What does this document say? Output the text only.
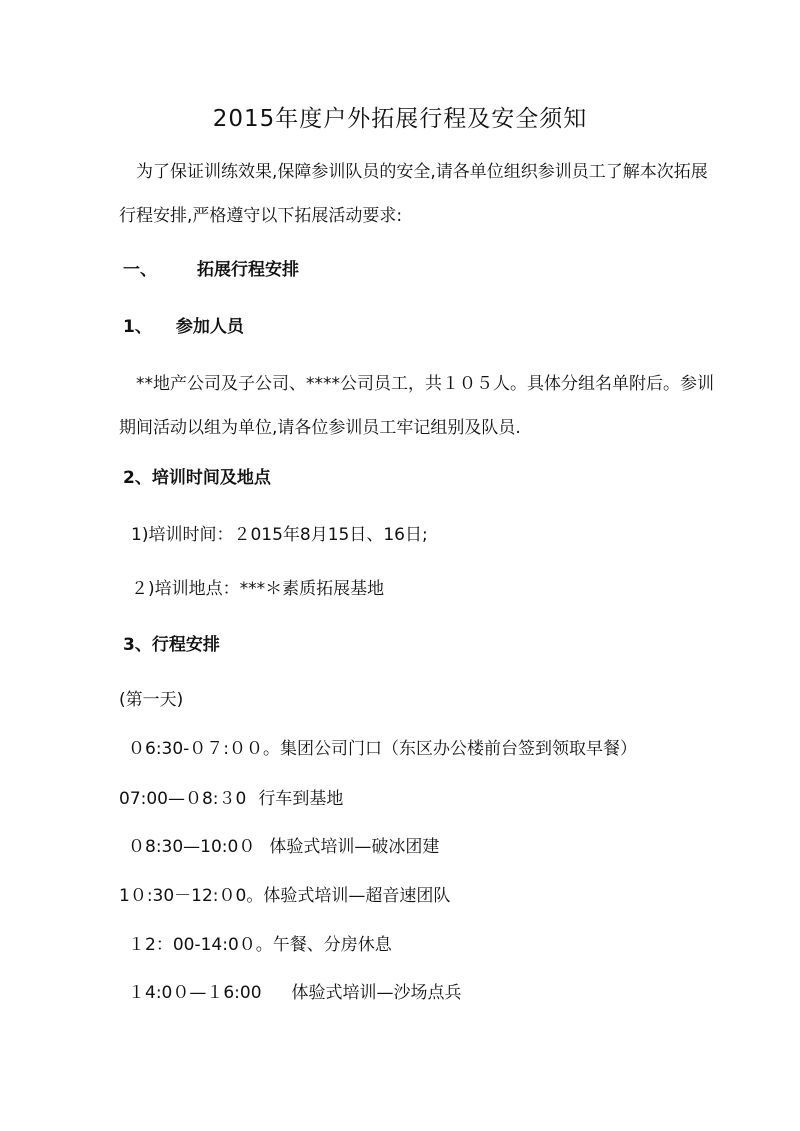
2015年度户外拓展行程及安全须知
为了保证训练效果,保障参训队员的安全,请各单位组织参训员工了解本次拓展行程安排,严格遵守以下拓展活动要求:
一、 拓展行程安排
1、 参加人员
**地产公司及子公司、****公司员工，共１０５人。具体分组名单附后。参训期间活动以组为单位,请各位参训员工牢记组别及队员.
2、培训时间及地点
1)培训时间：２015年8月15日、16日;
２)培训地点：***＊素质拓展基地
3、行程安排
(第一天)
０6:30-０７:００。集团公司门口（东区办公楼前台签到领取早餐）
07:00—０8:３0 行车到基地
０8:30—10:0０ 体验式培训—破冰团建
1０:30－12:０0。体验式培训—超音速团队
１2：00-14:0０。午餐、分房休息
１4:0０—１6:00 体验式培训—沙场点兵
